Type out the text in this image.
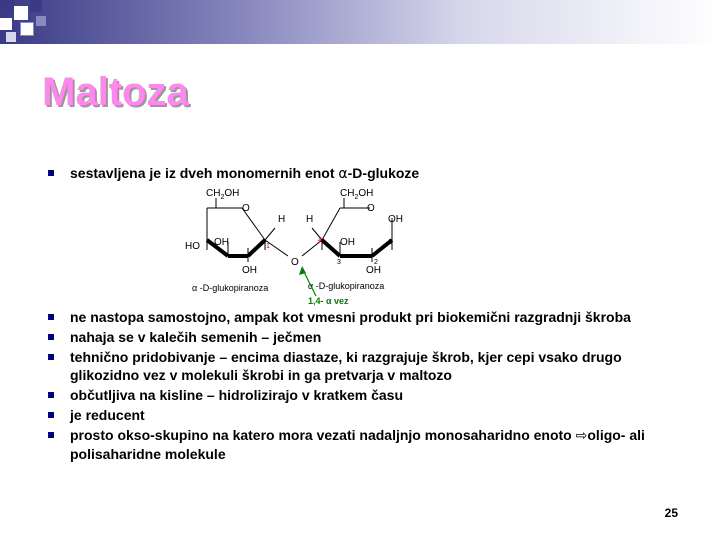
Maltoza
sestavljena je iz dveh monomernih enot α-D-glukoze
$CH_2OH$
O
H
1
OH
HO
OH
O
$CH_2OH$
O
H	OH
4 OH	1
3	2
OH
α -D-glukopiranoza	α -D-glukopiranoza
1,4- α vez
ne nastopa samostojno, ampak kot vmesni produkt pri biokemični razgradnji škroba
nahaja se v kalečih semenih – ječmen
tehnično pridobivanje – encima diastaze, ki razgrajuje škrob, kjer cepi vsako drugo glikozidno vez v molekuli škrobi in ga pretvarja v maltozo
občutljiva na kisline – hidrolizirajo v kratkem času
je reducent
prosto okso-skupino na katero mora vezati nadaljnjo monosaharidno enoto ⇨oligo- ali polisaharidne molekule
25
